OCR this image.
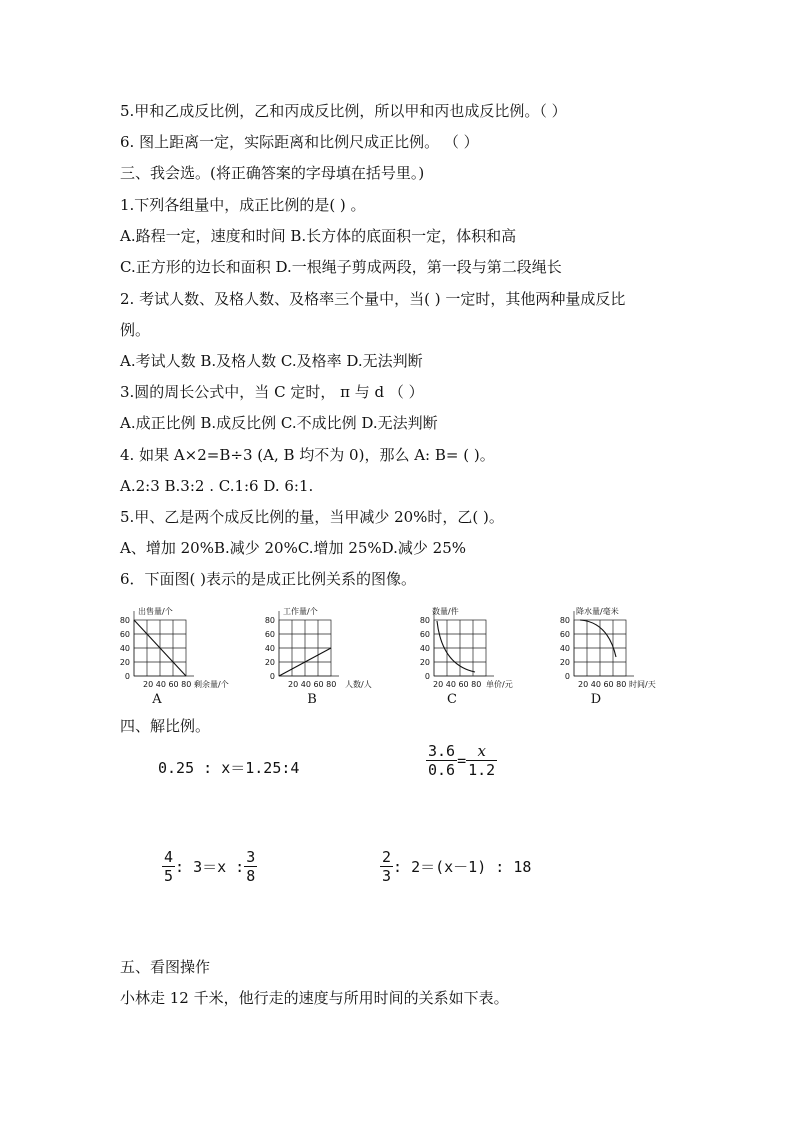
5.甲和乙成反比例，乙和丙成反比例，所以甲和丙也成反比例。（ ）
6. 图上距离一定，实际距离和比例尺成正比例。 （ ）
三、我会选。(将正确答案的字母填在括号里。)
1.下列各组量中，成正比例的是( ) 。
A.路程一定，速度和时间 B.长方体的底面积一定，体积和高
C.正方形的边长和面积 D.一根绳子剪成两段，第一段与第二段绳长
2. 考试人数、及格人数、及格率三个量中，当( ) 一定时，其他两种量成反比
例。
A.考试人数 B.及格人数 C.及格率 D.无法判断
3.圆的周长公式中，当 C 定时， π 与 d （ ）
A.成正比例 B.成反比例 C.不成比例 D.无法判断
4. 如果 A×2=B÷3 (A, B 均不为 0)，那么 A: B= ( )。
A.2:3 B.3:2 . C.1:6 D. 6:1.
5.甲、乙是两个成反比例的量，当甲减少 20%时，乙( )。
A、增加 20%B.减少 20%C.增加 25%D.减少 25%
6．下面图( )表示的是成正比例关系的图像。
80
60
40
20
0
出售量/个
20 40 60 80 剩余量/个
A
80
60
40
20
0
工作量/个
20 40 60 80 人数/人
B
80
60
40
20
0
数量/件
20 40 60 80 单价/元
C
80
60
40
20
0
降水量/毫米
20 40 60 80 时间/天
D
四、解比例。
0.25 : x＝1.25:4	$\frac{3.6}{0.6} = \frac{x}{1.2}$
$\frac{4}{5}$ : 3＝x : $\frac{3}{8}$	$\frac{2}{3}$ : 2＝(x－1) : 18
五、看图操作
小林走 12 千米，他行走的速度与所用时间的关系如下表。
